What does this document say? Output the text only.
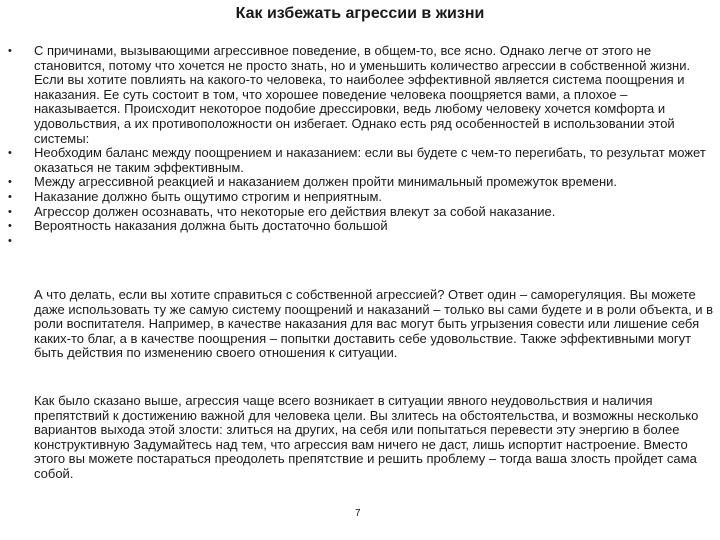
Как избежать агрессии в жизни
• С причинами, вызывающими агрессивное поведение, в общем-то, все ясно. Однако легче от этого не становится, потому что хочется не просто знать, но и уменьшить количество агрессии в собственной жизни. Если вы хотите повлиять на какого-то человека, то наиболее эффективной является система поощрения и наказания. Ее суть состоит в том, что хорошее поведение человека поощряется вами, а плохое – наказывается. Происходит некоторое подобие дрессировки, ведь любому человеку хочется комфорта и удовольствия, а их противоположности он избегает. Однако есть ряд особенностей в использовании этой системы:
• Необходим баланс между поощрением и наказанием: если вы будете с чем-то перегибать, то результат может оказаться не таким эффективным.
• Между агрессивной реакцией и наказанием должен пройти минимальный промежуток времени.
• Наказание должно быть ощутимо строгим и неприятным.
• Агрессор должен осознавать, что некоторые его действия влекут за собой наказание.
• Вероятность наказания должна быть достаточно большой
•

А что делать, если вы хотите справиться с собственной агрессией? Ответ один – саморегуляция. Вы можете даже использовать ту же самую систему поощрений и наказаний – только вы сами будете и в роли объекта, и в роли воспитателя. Например, в качестве наказания для вас могут быть угрызения совести или лишение себя каких-то благ, а в качестве поощрения – попытки доставить себе удовольствие. Также эффективными могут быть действия по изменению своего отношения к ситуации.

Как было сказано выше, агрессия чаще всего возникает в ситуации явного неудовольствия и наличия препятствий к достижению важной для человека цели. Вы злитесь на обстоятельства, и возможны несколько вариантов выхода этой злости: злиться на других, на себя или попытаться перевести эту энергию в более конструктивную Задумайтесь над тем, что агрессия вам ничего не даст, лишь испортит настроение. Вместо этого вы можете постараться преодолеть препятствие и решить проблему – тогда ваша злость пройдет сама собой.

7
